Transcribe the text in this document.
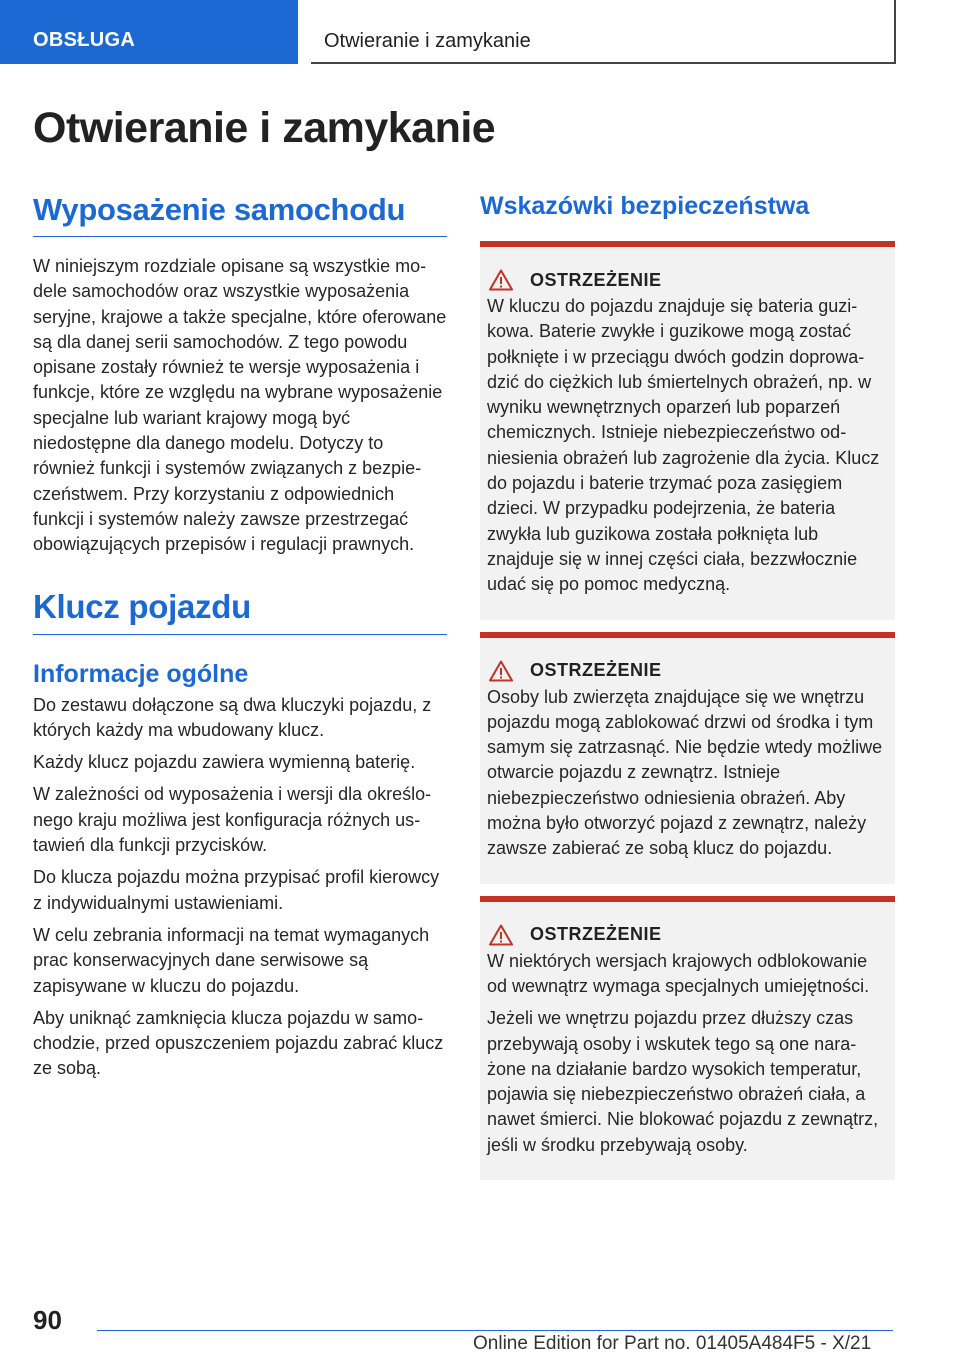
OBSŁUGA	Otwieranie i zamykanie
Otwieranie i zamykanie
Wyposażenie samochodu

W niniejszym rozdziale opisane są wszystkie modele samochodów oraz wszystkie wyposażenia seryjne, krajowe a także specjalne, które oferowane są dla danej serii samochodów. Z tego powodu opisane zostały również te wersje wyposażenia i funkcje, które ze względu na wybrane wyposażenie specjalne lub wariant krajowy mogą być niedostępne dla danego modelu. Dotyczy to również funkcji i systemów związanych z bezpieczeństwem. Przy korzystaniu z odpowiednich funkcji i systemów należy zawsze przestrzegać obowiązujących przepisów i regulacji prawnych.

Klucz pojazdu
Informacje ogólne

Do zestawu dołączone są dwa kluczyki pojazdu, z których każdy ma wbudowany klucz.

Każdy klucz pojazdu zawiera wymienną baterię.

W zależności od wyposażenia i wersji dla określonego kraju możliwa jest konfiguracja różnych ustawień dla funkcji przycisków.

Do klucza pojazdu można przypisać profil kierowcy z indywidualnymi ustawieniami.

W celu zebrania informacji na temat wymaganych prac konserwacyjnych dane serwisowe są zapisywane w kluczu do pojazdu.

Aby uniknąć zamknięcia klucza pojazdu w samochodzie, przed opuszczeniem pojazdu zabrać klucz ze sobą.

Wskazówki bezpieczeństwa
OSTRZEŻENIE

W kluczu do pojazdu znajduje się bateria guzikowa. Baterie zwykłe i guzikowe mogą zostać połknięte i w przeciągu dwóch godzin doprowadzić do ciężkich lub śmiertelnych obrażeń, np. w wyniku wewnętrznych oparzeń lub poparzeń chemicznych. Istnieje niebezpieczeństwo odniesienia obrażeń lub zagrożenie dla życia. Klucz do pojazdu i baterie trzymać poza zasięgiem dzieci. W przypadku podejrzenia, że bateria zwykła lub guzikowa została połknięta lub znajduje się w innej części ciała, bezzwłocznie udać się po pomoc medyczną.

OSTRZEŻENIE

Osoby lub zwierzęta znajdujące się we wnętrzu pojazdu mogą zablokować drzwi od środka i tym samym się zatrzasnąć. Nie będzie wtedy możliwe otwarcie pojazdu z zewnątrz. Istnieje niebezpieczeństwo odniesienia obrażeń. Aby można było otworzyć pojazd z zewnątrz, należy zawsze zabierać ze sobą klucz do pojazdu.

OSTRZEŻENIE

W niektórych wersjach krajowych odblokowanie od wewnątrz wymaga specjalnych umiejętności.

Jeżeli we wnętrzu pojazdu przez dłuższy czas przebywają osoby i wskutek tego są one narażone na działanie bardzo wysokich temperatur, pojawia się niebezpieczeństwo obrażeń ciała, a nawet śmierci. Nie blokować pojazdu z zewnątrz, jeśli w środku przebywają osoby.

90
Online Edition for Part no. 01405A484F5 - X/21
